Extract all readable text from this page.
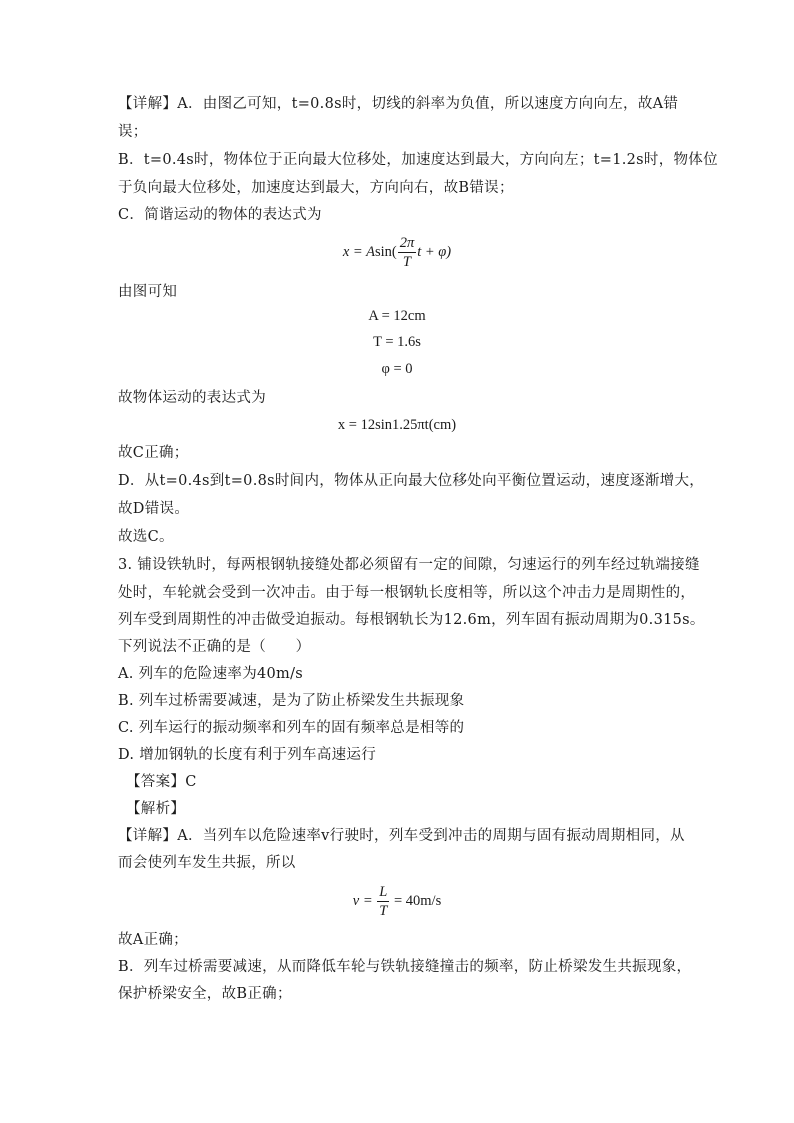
【详解】A．由图乙可知，t=0.8s时，切线的斜率为负值，所以速度方向向左，故A错
误；
B．t=0.4s时，物体位于正向最大位移处，加速度达到最大，方向向左；t=1.2s时，物体位
于负向最大位移处，加速度达到最大，方向向右，故B错误；
C．简谐运动的物体的表达式为
$x = Asin( \frac{2\pi}{T}$ t + φ)
由图可知
A = 12cm
T = 1.6s
φ = 0
故物体运动的表达式为
x = 12sin1.25πt(cm)
故C正确；
D．从t=0.4s到t=0.8s时间内，物体从正向最大位移处向平衡位置运动，速度逐渐增大，
故D错误。
故选C。
3. 铺设铁轨时，每两根钢轨接缝处都必须留有一定的间隙，匀速运行的列车经过轨端接缝
处时，车轮就会受到一次冲击。由于每一根钢轨长度相等，所以这个冲击力是周期性的，
列车受到周期性的冲击做受迫振动。每根钢轨长为12.6m，列车固有振动周期为0.315s。
下列说法不正确的是（　　）
A. 列车的危险速率为40m/s
B. 列车过桥需要减速，是为了防止桥梁发生共振现象
C. 列车运行的振动频率和列车的固有频率总是相等的
D. 增加钢轨的长度有利于列车高速运行
【答案】C
【解析】
【详解】A．当列车以危险速率v行驶时，列车受到冲击的周期与固有振动周期相同，从
而会使列车发生共振，所以
$v = \frac{L}{T} = 40m/s$
故A正确；
B．列车过桥需要减速，从而降低车轮与铁轨接缝撞击的频率，防止桥梁发生共振现象，
保护桥梁安全，故B正确；
